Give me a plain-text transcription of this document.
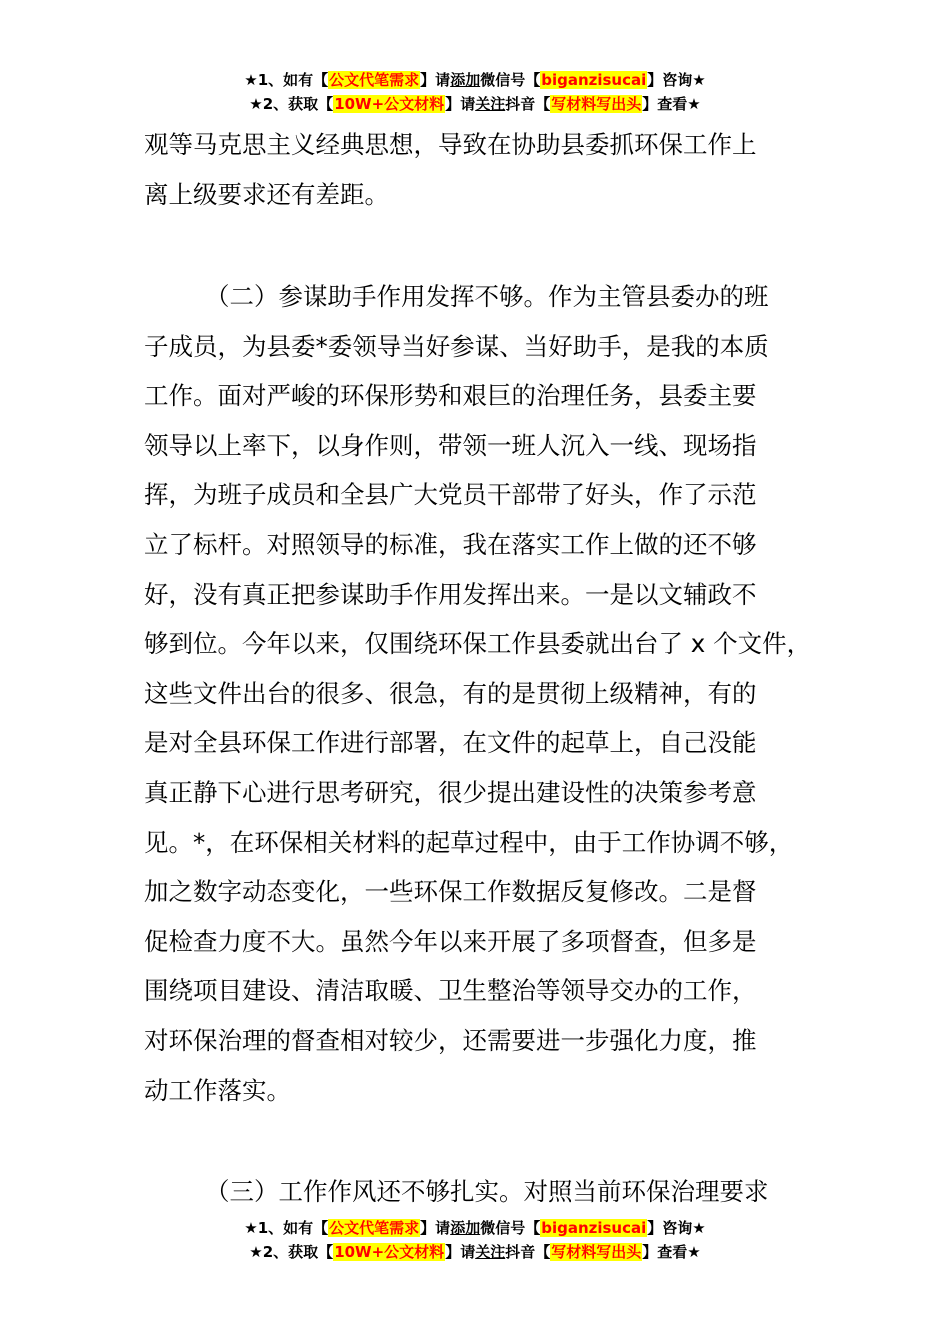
★1、如有【公文代笔需求】请添加微信号【biganzisucai】咨询★
★2、获取【10W+公文材料】请关注抖音【写材料写出头】查看★
观等马克思主义经典思想，导致在协助县委抓环保工作上
离上级要求还有差距。
（二）参谋助手作用发挥不够。作为主管县委办的班
子成员，为县委*委领导当好参谋、当好助手，是我的本质
工作。面对严峻的环保形势和艰巨的治理任务，县委主要
领导以上率下，以身作则，带领一班人沉入一线、现场指
挥，为班子成员和全县广大党员干部带了好头，作了示范
立了标杆。对照领导的标准，我在落实工作上做的还不够
好，没有真正把参谋助手作用发挥出来。一是以文辅政不
够到位。今年以来，仅围绕环保工作县委就出台了 x 个文件，
这些文件出台的很多、很急，有的是贯彻上级精神，有的
是对全县环保工作进行部署，在文件的起草上，自己没能
真正静下心进行思考研究，很少提出建设性的决策参考意
见。*，在环保相关材料的起草过程中，由于工作协调不够，
加之数字动态变化，一些环保工作数据反复修改。二是督
促检查力度不大。虽然今年以来开展了多项督查，但多是
围绕项目建设、清洁取暖、卫生整治等领导交办的工作，
对环保治理的督查相对较少，还需要进一步强化力度，推
动工作落实。
（三）工作作风还不够扎实。对照当前环保治理要求
★1、如有【公文代笔需求】请添加微信号【biganzisucai】咨询★
★2、获取【10W+公文材料】请关注抖音【写材料写出头】查看★
